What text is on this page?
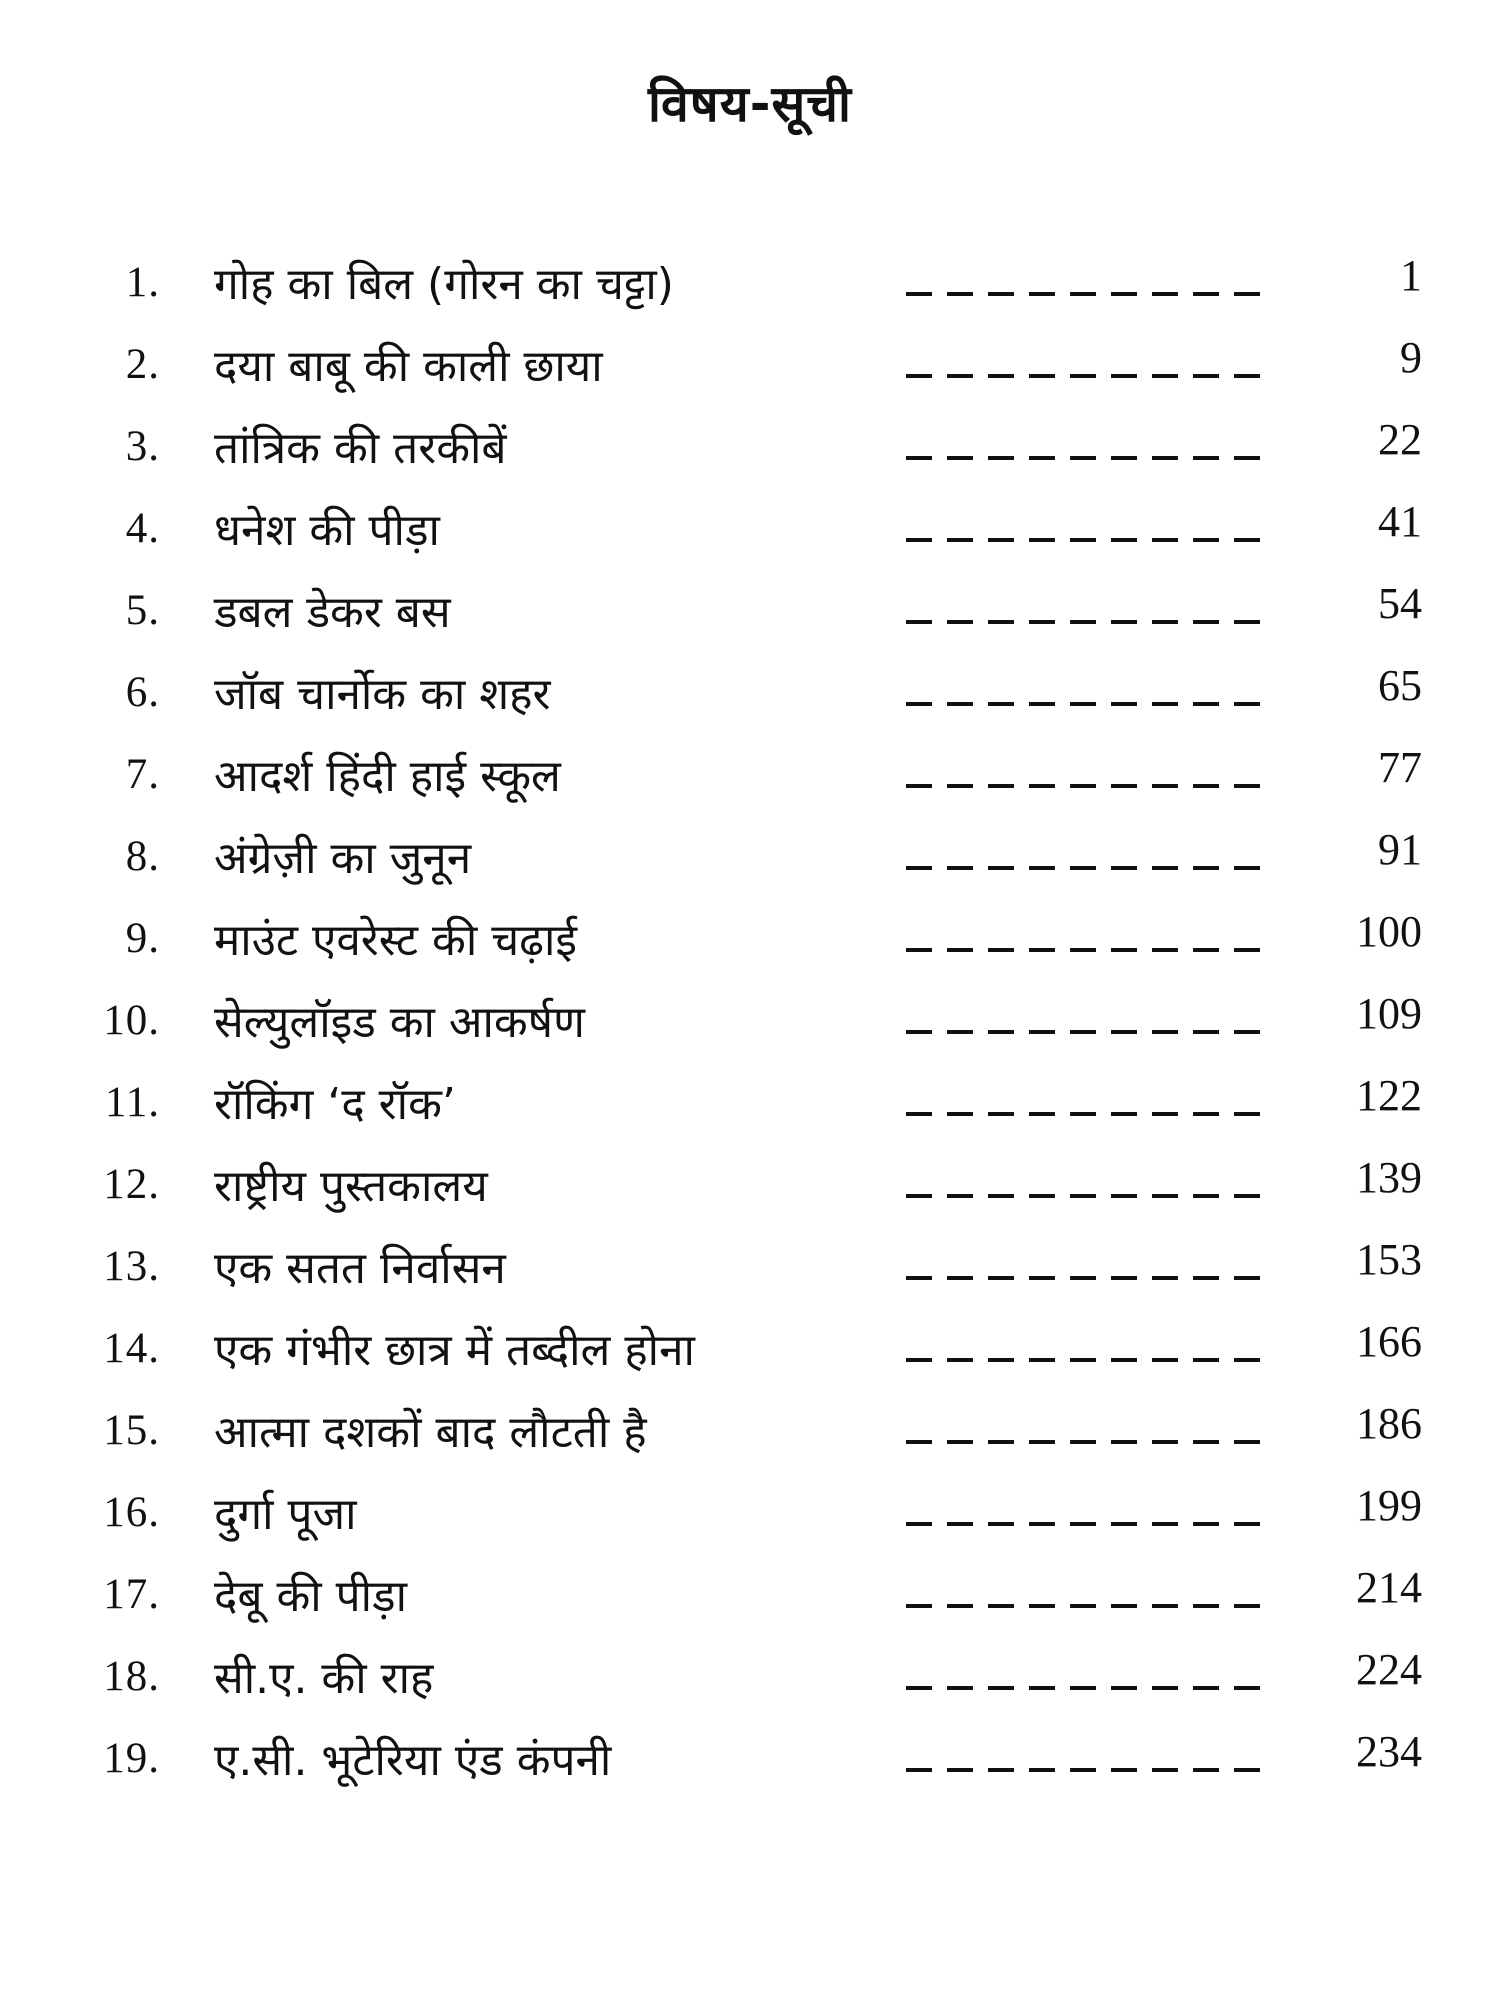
विषय-सूची
1. गोह का बिल (गोरन का चट्टा)	1
2. दया बाबू की काली छाया	9
3. तांत्रिक की तरकीबें	22
4. धनेश की पीड़ा	41
5. डबल डेकर बस	54
6. जॉब चार्नोक का शहर	65
7. आदर्श हिंदी हाई स्कूल	77
8. अंग्रेज़ी का जुनून	91
9. माउंट एवरेस्ट की चढ़ाई	100
10. सेल्युलॉइड का आकर्षण	109
11. रॉकिंग ‘द रॉक’	122
12. राष्ट्रीय पुस्तकालय	139
13. एक सतत निर्वासन	153
14. एक गंभीर छात्र में तब्दील होना	166
15. आत्मा दशकों बाद लौटती है	186
16. दुर्गा पूजा	199
17. देबू की पीड़ा	214
18. सी.ए. की राह	224
19. ए.सी. भूटेरिया एंड कंपनी	234
